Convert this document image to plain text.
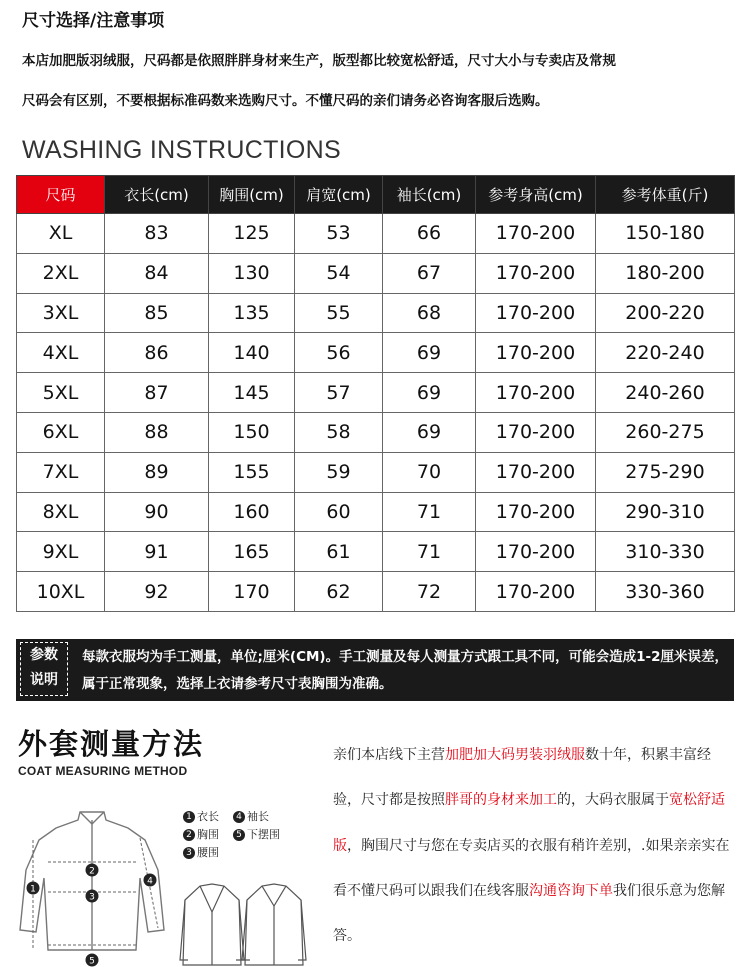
尺寸选择/注意事项
本店加肥版羽绒服，尺码都是依照胖胖身材来生产，版型都比较宽松舒适，尺寸大小与专卖店及常规
尺码会有区别，不要根据标准码数来选购尺寸。不懂尺码的亲们请务必咨询客服后选购。
WASHING INSTRUCTIONS
尺码	衣长(cm)	胸围(cm)	肩宽(cm)	袖长(cm)	参考身高(cm)	参考体重(斤)
XL	83	125	53	66	170-200	150-180
2XL	84	130	54	67	170-200	180-200
3XL	85	135	55	68	170-200	200-220
4XL	86	140	56	69	170-200	220-240
5XL	87	145	57	69	170-200	240-260
6XL	88	150	58	69	170-200	260-275
7XL	89	155	59	70	170-200	275-290
8XL	90	160	60	71	170-200	290-310
9XL	91	165	61	71	170-200	310-330
10XL	92	170	62	72	170-200	330-360
参数
说明
每款衣服均为手工测量，单位;厘米(CM)。手工测量及每人测量方式跟工具不同，可能会造成1-2厘米误差，属于正常现象，选择上衣请参考尺寸表胸围为准确。
外套测量方法
COAT MEASURING METHOD
1 衣长	4 袖长
2 胸围	5 下摆围
3 腰围
1
2
3
4
5
亲们本店线下主营加肥加大码男装羽绒服数十年，积累丰富经验，尺寸都是按照胖哥的身材来加工的，大码衣服属于宽松舒适版，胸围尺寸与您在专卖店买的衣服有稍许差别，.如果亲亲实在看不懂尺码可以跟我们在线客服沟通咨询下单我们很乐意为您解答。
